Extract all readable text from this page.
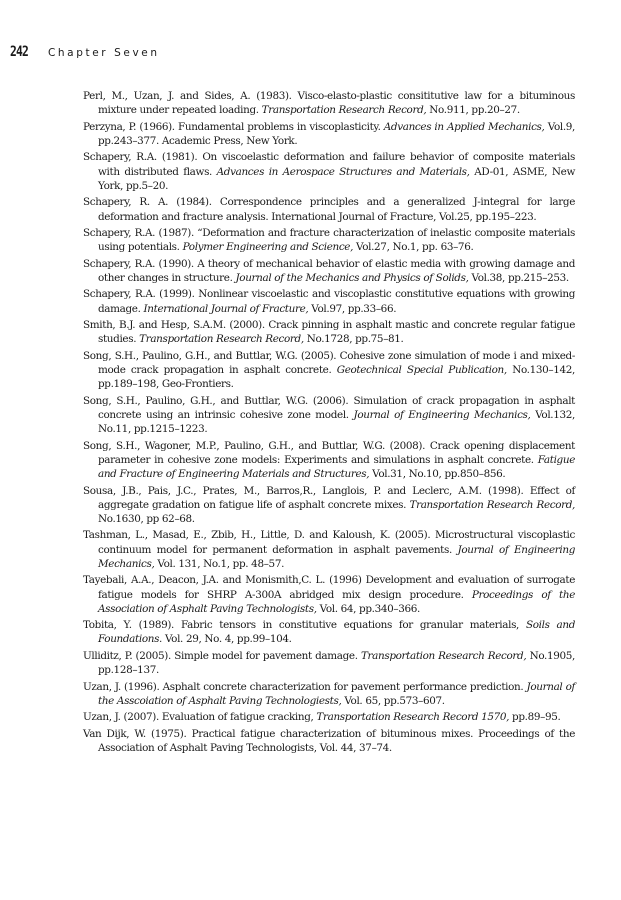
242	Chapter Seven
Perl, M., Uzan, J. and Sides, A. (1983). Visco-elasto-plastic consititutive law for a bituminous mixture under repeated loading. Transportation Research Record, No.911, pp.20–27.
Perzyna, P. (1966). Fundamental problems in viscoplasticity. Advances in Applied Mechanics, Vol.9, pp.243–377. Academic Press, New York.
Schapery, R.A. (1981). On viscoelastic deformation and failure behavior of composite materials with distributed flaws. Advances in Aerospace Structures and Materials, AD-01, ASME, New York, pp.5–20.
Schapery, R. A. (1984). Correspondence principles and a generalized J-integral for large deformation and fracture analysis. International Journal of Fracture, Vol.25, pp.195–223.
Schapery, R.A. (1987). “Deformation and fracture characterization of inelastic composite materials using potentials. Polymer Engineering and Science, Vol.27, No.1, pp. 63–76.
Schapery, R.A. (1990). A theory of mechanical behavior of elastic media with growing damage and other changes in structure. Journal of the Mechanics and Physics of Solids, Vol.38, pp.215–253.
Schapery, R.A. (1999). Nonlinear viscoelastic and viscoplastic constitutive equations with growing damage. International Journal of Fracture, Vol.97, pp.33–66.
Smith, B.J. and Hesp, S.A.M. (2000). Crack pinning in asphalt mastic and concrete regular fatigue studies. Transportation Research Record, No.1728, pp.75–81.
Song, S.H., Paulino, G.H., and Buttlar, W.G. (2005). Cohesive zone simulation of mode i and mixed-mode crack propagation in asphalt concrete. Geotechnical Special Publication, No.130–142, pp.189–198, Geo-Frontiers.
Song, S.H., Paulino, G.H., and Buttlar, W.G. (2006). Simulation of crack propagation in asphalt concrete using an intrinsic cohesive zone model. Journal of Engineering Mechanics, Vol.132, No.11, pp.1215–1223.
Song, S.H., Wagoner, M.P., Paulino, G.H., and Buttlar, W.G. (2008). Crack opening displacement parameter in cohesive zone models: Experiments and simulations in asphalt concrete. Fatigue and Fracture of Engineering Materials and Structures, Vol.31, No.10, pp.850–856.
Sousa, J.B., Pais, J.C., Prates, M., Barros,R., Langlois, P. and Leclerc, A.M. (1998). Effect of aggregate gradation on fatigue life of asphalt concrete mixes. Transportation Research Record, No.1630, pp 62–68.
Tashman, L., Masad, E., Zbib, H., Little, D. and Kaloush, K. (2005). Microstructural viscoplastic continuum model for permanent deformation in asphalt pavements. Journal of Engineering Mechanics, Vol. 131, No.1, pp. 48–57.
Tayebali, A.A., Deacon, J.A. and Monismith,C. L. (1996) Development and evaluation of surrogate fatigue models for SHRP A-300A abridged mix design procedure. Proceedings of the Association of Asphalt Paving Technologists, Vol. 64, pp.340–366.
Tobita, Y. (1989). Fabric tensors in constitutive equations for granular materials, Soils and Foundations. Vol. 29, No. 4, pp.99–104.
Ulliditz, P. (2005). Simple model for pavement damage. Transportation Research Record, No.1905, pp.128–137.
Uzan, J. (1996). Asphalt concrete characterization for pavement performance prediction. Journal of the Asscoiation of Asphalt Paving Technologiests, Vol. 65, pp.573–607.
Uzan, J. (2007). Evaluation of fatigue cracking, Transportation Research Record 1570, pp.89–95.
Van Dijk, W. (1975). Practical fatigue characterization of bituminous mixes. Proceedings of the Association of Asphalt Paving Technologists, Vol. 44, 37–74.
